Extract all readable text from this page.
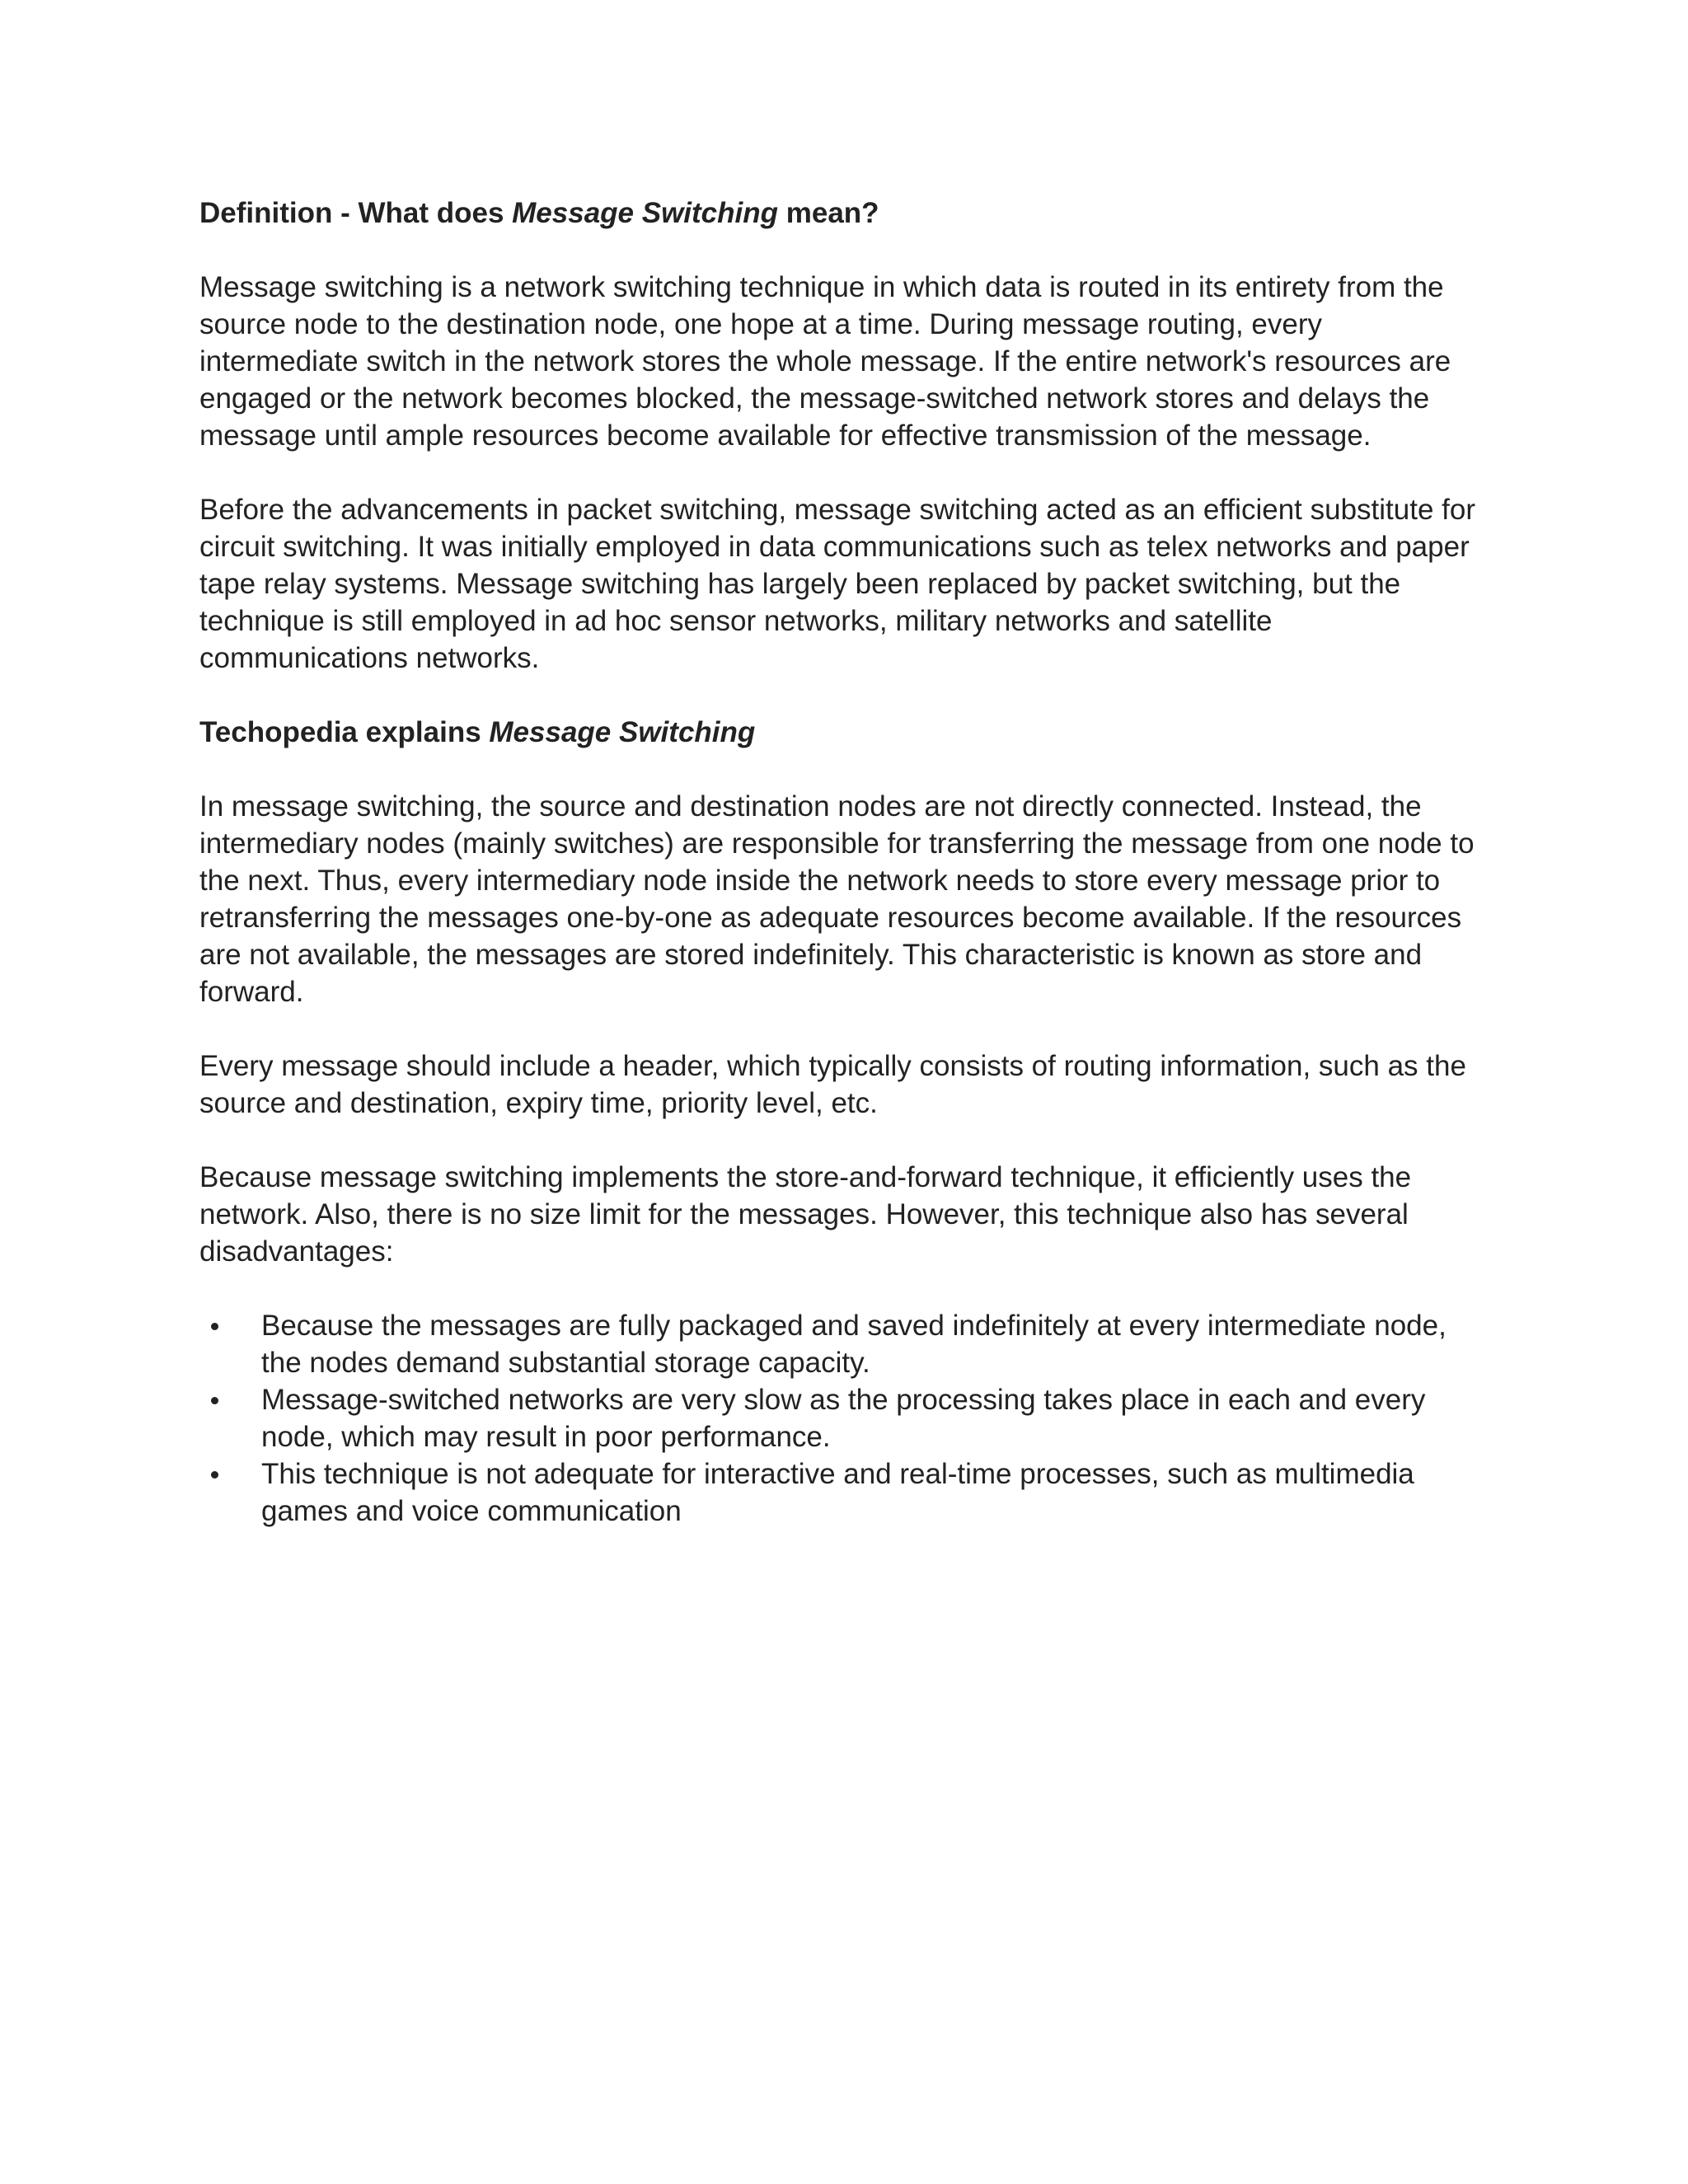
Definition - What does Message Switching mean?

Message switching is a network switching technique in which data is routed in its entirety from the
source node to the destination node, one hope at a time. During message routing, every
intermediate switch in the network stores the whole message. If the entire network's resources are
engaged or the network becomes blocked, the message-switched network stores and delays the
message until ample resources become available for effective transmission of the message.

Before the advancements in packet switching, message switching acted as an efficient substitute for
circuit switching. It was initially employed in data communications such as telex networks and paper
tape relay systems. Message switching has largely been replaced by packet switching, but the
technique is still employed in ad hoc sensor networks, military networks and satellite
communications networks.

Techopedia explains Message Switching

In message switching, the source and destination nodes are not directly connected. Instead, the
intermediary nodes (mainly switches) are responsible for transferring the message from one node to
the next. Thus, every intermediary node inside the network needs to store every message prior to
retransferring the messages one-by-one as adequate resources become available. If the resources
are not available, the messages are stored indefinitely. This characteristic is known as store and
forward.

Every message should include a header, which typically consists of routing information, such as the
source and destination, expiry time, priority level, etc.

Because message switching implements the store-and-forward technique, it efficiently uses the
network. Also, there is no size limit for the messages. However, this technique also has several
disadvantages:

Because the messages are fully packaged and saved indefinitely at every intermediate node,
the nodes demand substantial storage capacity.
Message-switched networks are very slow as the processing takes place in each and every
node, which may result in poor performance.
This technique is not adequate for interactive and real-time processes, such as multimedia
games and voice communication
